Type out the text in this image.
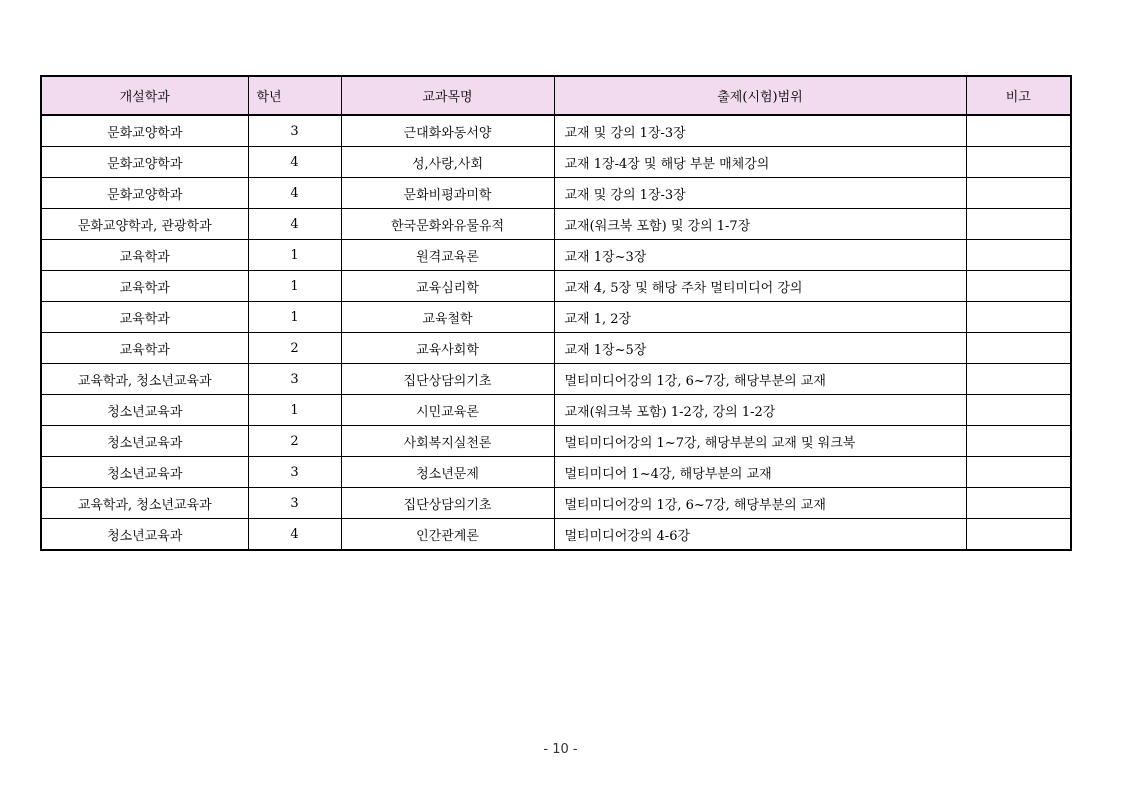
개설학과	학년	교과목명	출제(시험)범위	비고
문화교양학과	3	근대화와동서양	교재 및 강의 1장-3장	
문화교양학과	4	성,사랑,사회	교재 1장-4장 및 해당 부분 매체강의	
문화교양학과	4	문화비평과미학	교재 및 강의 1장-3장	
문화교양학과, 관광학과	4	한국문화와유물유적	교재(워크북 포함) 및 강의 1-7장	
교육학과	1	원격교육론	교재 1장~3장	
교육학과	1	교육심리학	교재 4, 5장 및 해당 주차 멀티미디어 강의	
교육학과	1	교육철학	교재 1, 2장	
교육학과	2	교육사회학	교재 1장~5장	
교육학과, 청소년교육과	3	집단상담의기초	멀티미디어강의 1강, 6~7강, 해당부분의 교재	
청소년교육과	1	시민교육론	교재(워크북 포함) 1-2강, 강의 1-2강	
청소년교육과	2	사회복지실천론	멀티미디어강의 1~7강, 해당부분의 교재 및 워크북	
청소년교육과	3	청소년문제	멀티미디어 1~4강, 해당부분의 교재	
교육학과, 청소년교육과	3	집단상담의기초	멀티미디어강의 1강, 6~7강, 해당부분의 교재	
청소년교육과	4	인간관계론	멀티미디어강의 4-6강	
- 10 -
